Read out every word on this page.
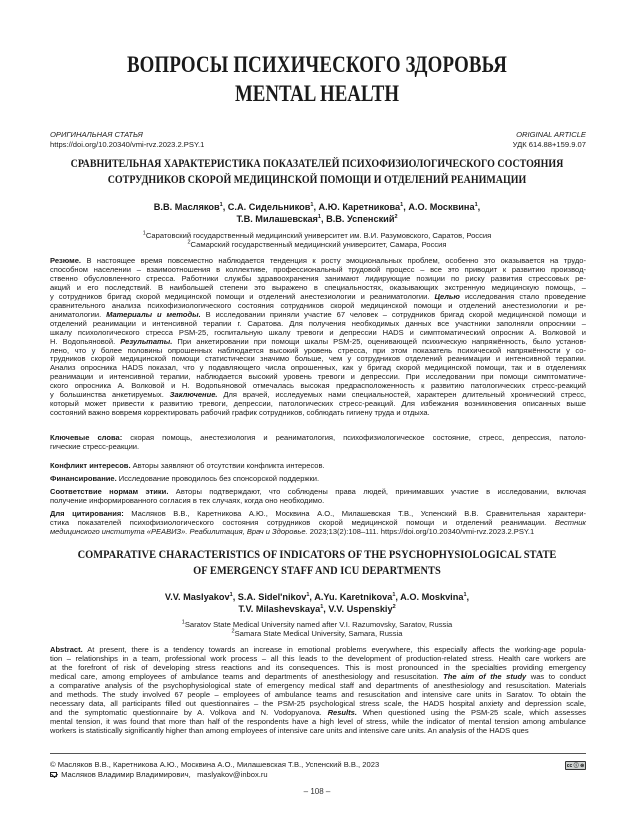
ВОПРОСЫ ПСИХИЧЕСКОГО ЗДОРОВЬЯ
MENTAL HEALTH
ОРИГИНАЛЬНАЯ СТАТЬЯ	ORIGINAL ARTICLE
https://doi.org/10.20340/vmi-rvz.2023.2.PSY.1	УДК 614.88+159.9.07
СРАВНИТЕЛЬНАЯ ХАРАКТЕРИСТИКА ПОКАЗАТЕЛЕЙ ПСИХОФИЗИОЛОГИЧЕСКОГО СОСТОЯНИЯ
СОТРУДНИКОВ СКОРОЙ МЕДИЦИНСКОЙ ПОМОЩИ И ОТДЕЛЕНИЙ РЕАНИМАЦИИ
В.В. Масляков$^1$, С.А. Сидельников$^1$, А.Ю. Каретникова$^1$, А.О. Москвина$^1$,
Т.В. Милашевская$^1$, В.В. Успенский$^2$
$^1$Саратовский государственный медицинский университет им. В.И. Разумовского, Саратов, Россия
$^2$Самарский государственный медицинский университет, Самара, Россия
Резюме. В настоящее время повсеместно наблюдается тенденция к росту эмоциональных проблем, особенно это оказывается на трудо-
способном населении – взаимоотношения в коллективе, профессиональный трудовой процесс – все это приводит к развитию производ-
ственно обусловленного стресса. Работники службы здравоохранения занимают лидирующие позиции по риску развития стрессовых ре-
акций и его последствий. В наибольшей степени это выражено в специальностях, оказывающих экстренную медицинскую помощь, –
у сотрудников бригад скорой медицинской помощи и отделений анестезиологии и реаниматологии. Целью исследования стало проведение
сравнительного анализа психофизиологического состояния сотрудников скорой медицинской помощи и отделений анестезиологии и ре-
аниматологии. Материалы и методы. В исследовании приняли участие 67 человек – сотрудников бригад скорой медицинской помощи и
отделений реанимации и интенсивной терапии г. Саратова. Для получения необходимых данных все участники заполняли опросники –
шкалу психологического стресса PSM-25, госпитальную шкалу тревоги и депрессии HADS и симптоматический опросник А. Волковой и
Н. Водопьяновой. Результаты. При анкетировании при помощи шкалы PSM-25, оценивающей психическую напряжённость, было установ-
лено, что у более половины опрошенных наблюдается высокий уровень стресса, при этом показатель психической напряжённости у со-
трудников скорой медицинской помощи статистически значимо больше, чем у сотрудников отделений реанимации и интенсивной терапии.
Анализ опросника HADS показал, что у подавляющего числа опрошенных, как у бригад скорой медицинской помощи, так и в отделениях
реанимации и интенсивной терапии, наблюдается высокий уровень тревоги и депрессии. При исследовании при помощи симптоматиче-
ского опросника А. Волковой и Н. Водопьяновой отмечалась высокая предрасположенность к развитию патологических стресс-реакций
у большинства анкетируемых. Заключение. Для врачей, исследуемых нами специальностей, характерен длительный хронический стресс,
который может привести к развитию тревоги, депрессии, патологических стресс-реакций. Для избежания возникновения описанных выше
состояний важно вовремя корректировать рабочий график сотрудников, соблюдать гигиену труда и отдыха.
Ключевые слова: скорая помощь, анестезиология и реаниматология, психофизиологическое состояние, стресс, депрессия, патоло-
гические стресс-реакции.
Конфликт интересов. Авторы заявляют об отсутствии конфликта интересов.
Финансирование. Исследование проводилось без спонсорской поддержки.
Соответствие нормам этики. Авторы подтверждают, что соблюдены права людей, принимавших участие в исследовании, включая
получение информированного согласия в тех случаях, когда оно необходимо.
Для цитирования: Масляков В.В., Каретникова А.Ю., Москвина А.О., Милашевская Т.В., Успенский В.В. Сравнительная характери-
стика показателей психофизиологического состояния сотрудников скорой медицинской помощи и отделений реанимации. Вестник
медицинского института «РЕАВИЗ». Реабилитация, Врач и Здоровье. 2023;13(2):108–111. https://doi.org/10.20340/vmi-rvz.2023.2.PSY.1
COMPARATIVE CHARACTERISTICS OF INDICATORS OF THE PSYCHOPHYSIOLOGICAL STATE
OF EMERGENCY STAFF AND ICU DEPARTMENTS
V.V. Maslyakov$^1$, S.A. Sidel'nikov$^1$, A.Yu. Karetnikova$^1$, A.O. Moskvina$^1$,
T.V. Milashevskaya$^1$, V.V. Uspenskiy$^2$
$^1$Saratov State Medical University named after V.I. Razumovsky, Saratov, Russia
$^2$Samara State Medical University, Samara, Russia
Abstract. At present, there is a tendency towards an increase in emotional problems everywhere, this especially affects the working-age popula-
tion – relationships in a team, professional work process – all this leads to the development of production-related stress. Health care workers are
at the forefront of risk of developing stress reactions and its consequences. This is most pronounced in the specialties providing emergency
medical care, among employees of ambulance teams and departments of anesthesiology and resuscitation. The aim of the study was to conduct
a comparative analysis of the psychophysiological state of emergency medical staff and departments of anesthesiology and resuscitation. Materials
and methods. The study involved 67 people – employees of ambulance teams and resuscitation and intensive care units in Saratov. To obtain the
necessary data, all participants filled out questionnaires – the PSM-25 psychological stress scale, the HADS hospital anxiety and depression scale,
and the symptomatic questionnaire by A. Volkova and N. Vodopyanova. Results. When questioned using the PSM-25 scale, which assesses
mental tension, it was found that more than half of the respondents have a high level of stress, while the indicator of mental tension among ambulance
workers is statistically significantly higher than among employees of intensive care units and intensive care units. An analysis of the HADS ques
© Масляков В.В., Каретникова А.Ю., Москвина А.О., Милашевская Т.В., Успенский В.В., 2023
Масляков Владимир Владимирович, maslyakov@inbox.ru
cc ⓘ ⊜
– 108 –
